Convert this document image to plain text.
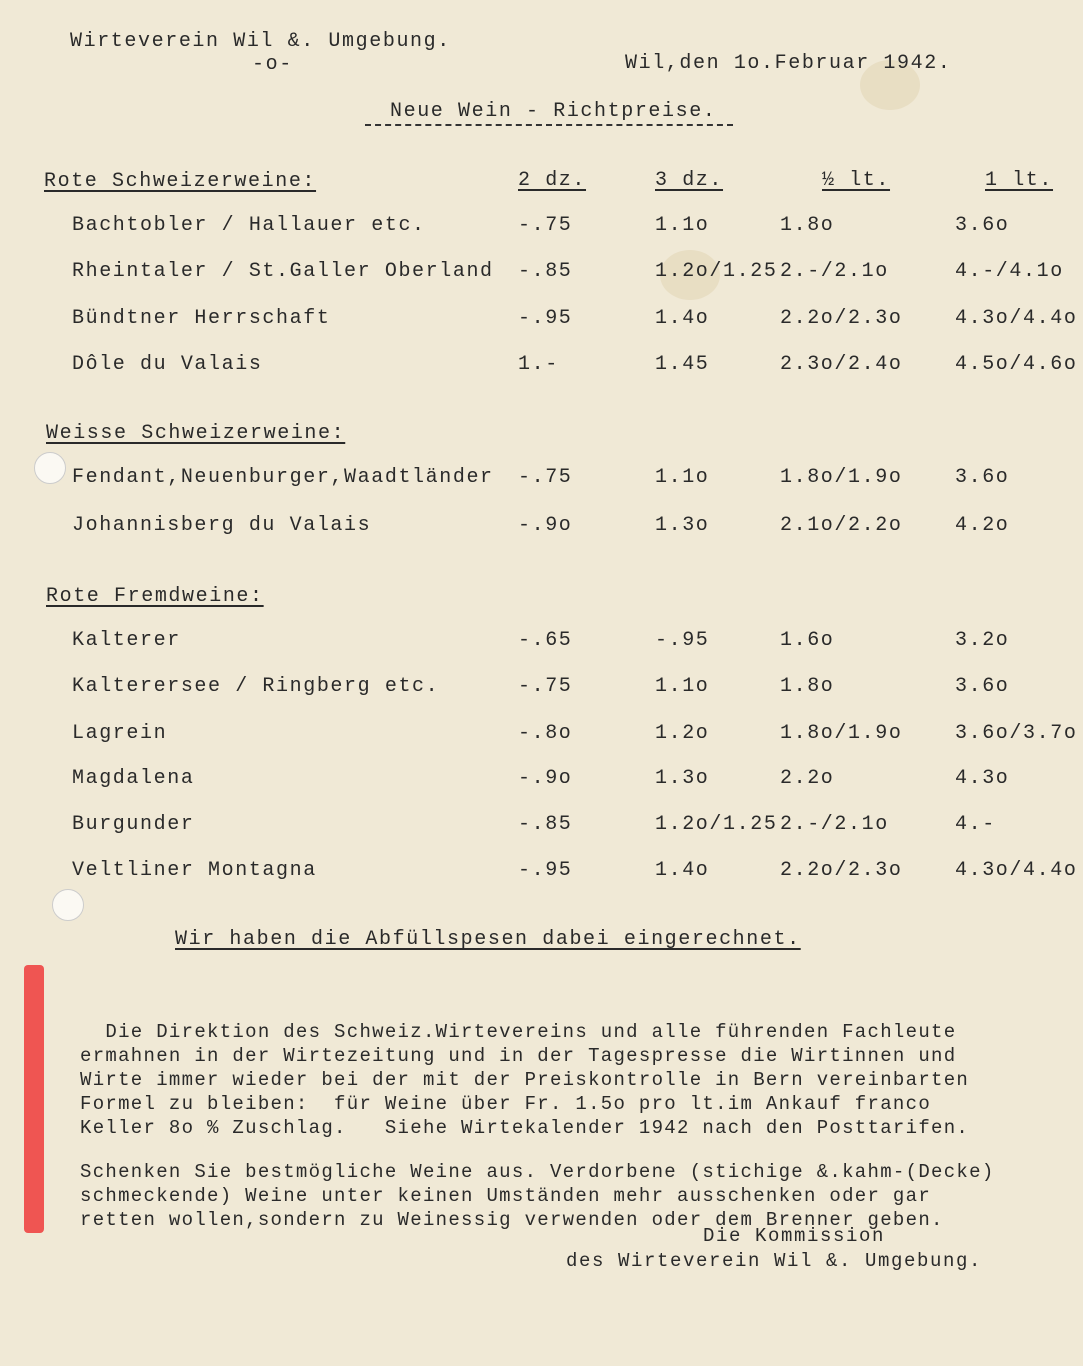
Wirteverein Wil &. Umgebung.
-o-	Wil,den 1o.Februar 1942.
Neue Wein - Richtpreise.
2 dz.	3 dz.	½ lt.	1 lt.
Rote Schweizerweine:
Bachtobler / Hallauer etc.	-.75	1.1o	1.8o	3.6o
Rheintaler / St.Galler Oberland -.85	1.2o/1.25 2.-/2.1o	4.-/4.1o
Bündtner Herrschaft	-.95	1.4o	2.2o/2.3o	4.3o/4.4o
Dôle du Valais	1.-	1.45	2.3o/2.4o	4.5o/4.6o
Weisse Schweizerweine:
Fendant,Neuenburger,Waadtländer -.75	1.1o	1.8o/1.9o	3.6o
Johannisberg du Valais	-.9o	1.3o	2.1o/2.2o	4.2o
Rote Fremdweine:
Kalterer	-.65	-.95	1.6o	3.2o
Kalterersee / Ringberg etc.	-.75	1.1o	1.8o	3.6o
Lagrein	-.8o	1.2o	1.8o/1.9o	3.6o/3.7o
Magdalena	-.9o	1.3o	2.2o	4.3o
Burgunder	-.85	1.2o/1.25 2.-/2.1o	4.-
Veltliner Montagna	-.95	1.4o	2.2o/2.3o	4.3o/4.4o
Wir haben die Abfüllspesen dabei eingerechnet.

Die Direktion des Schweiz.Wirtevereins und alle führenden Fachleute
ermahnen in der Wirtezeitung und in der Tagespresse die Wirtinnen und
Wirte immer wieder bei der mit der Preiskontrolle in Bern vereinbarten
Formel zu bleiben:  für Weine über Fr. 1.5o pro lt.im Ankauf franco
Keller 8o % Zuschlag.   Siehe Wirtekalender 1942 nach den Posttarifen.

Schenken Sie bestmögliche Weine aus. Verdorbene (stichige &.kahm-(Decke)
schmeckende) Weine unter keinen Umständen mehr ausschenken oder gar
retten wollen,sondern zu Weinessig verwenden oder dem Brenner geben.

Die Kommission
des Wirteverein Wil &. Umgebung.
